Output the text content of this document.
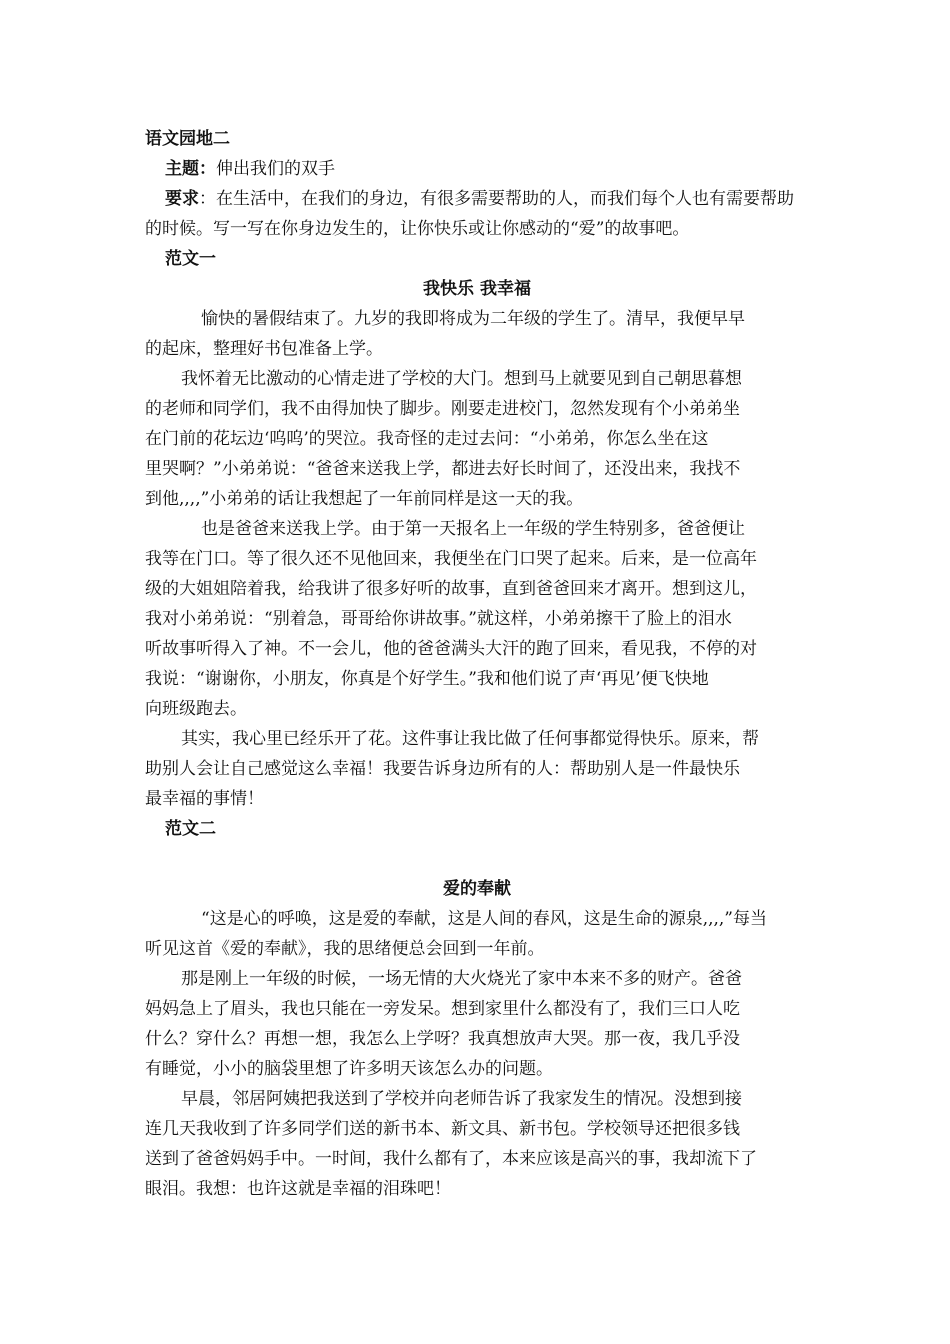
语文园地二

主题：伸出我们的双手

要求：在生活中，在我们的身边，有很多需要帮助的人，而我们每个人也有需要帮助

的时候。写一写在你身边发生的，让你快乐或让你感动的“爱”的故事吧。

范文一

我快乐 我幸福

愉快的暑假结束了。九岁的我即将成为二年级的学生了。清早，我便早早

的起床，整理好书包准备上学。

我怀着无比激动的心情走进了学校的大门。想到马上就要见到自己朝思暮想

的老师和同学们，我不由得加快了脚步。刚要走进校门，忽然发现有个小弟弟坐

在门前的花坛边‘呜呜’的哭泣。我奇怪的走过去问：“小弟弟，你怎么坐在这

里哭啊？”小弟弟说：“爸爸来送我上学，都进去好长时间了，还没出来，我找不

到他,,,,”小弟弟的话让我想起了一年前同样是这一天的我。

也是爸爸来送我上学。由于第一天报名上一年级的学生特别多，爸爸便让

我等在门口。等了很久还不见他回来，我便坐在门口哭了起来。后来，是一位高年

级的大姐姐陪着我，给我讲了很多好听的故事，直到爸爸回来才离开。想到这儿，

我对小弟弟说：“别着急，哥哥给你讲故事。”就这样，小弟弟擦干了脸上的泪水

听故事听得入了神。不一会儿，他的爸爸满头大汗的跑了回来，看见我，不停的对

我说：“谢谢你，小朋友，你真是个好学生。”我和他们说了声‘再见’便飞快地

向班级跑去。

其实，我心里已经乐开了花。这件事让我比做了任何事都觉得快乐。原来，帮

助别人会让自己感觉这么幸福！我要告诉身边所有的人：帮助别人是一件最快乐

最幸福的事情！

范文二

爱的奉献

“这是心的呼唤，这是爱的奉献，这是人间的春风，这是生命的源泉,,,,”每当

听见这首《爱的奉献》，我的思绪便总会回到一年前。

那是刚上一年级的时候，一场无情的大火烧光了家中本来不多的财产。爸爸

妈妈急上了眉头，我也只能在一旁发呆。想到家里什么都没有了，我们三口人吃

什么？穿什么？再想一想，我怎么上学呀？我真想放声大哭。那一夜，我几乎没

有睡觉，小小的脑袋里想了许多明天该怎么办的问题。

早晨，邻居阿姨把我送到了学校并向老师告诉了我家发生的情况。没想到接

连几天我收到了许多同学们送的新书本、新文具、新书包。学校领导还把很多钱

送到了爸爸妈妈手中。一时间，我什么都有了，本来应该是高兴的事，我却流下了

眼泪。我想：也许这就是幸福的泪珠吧！
